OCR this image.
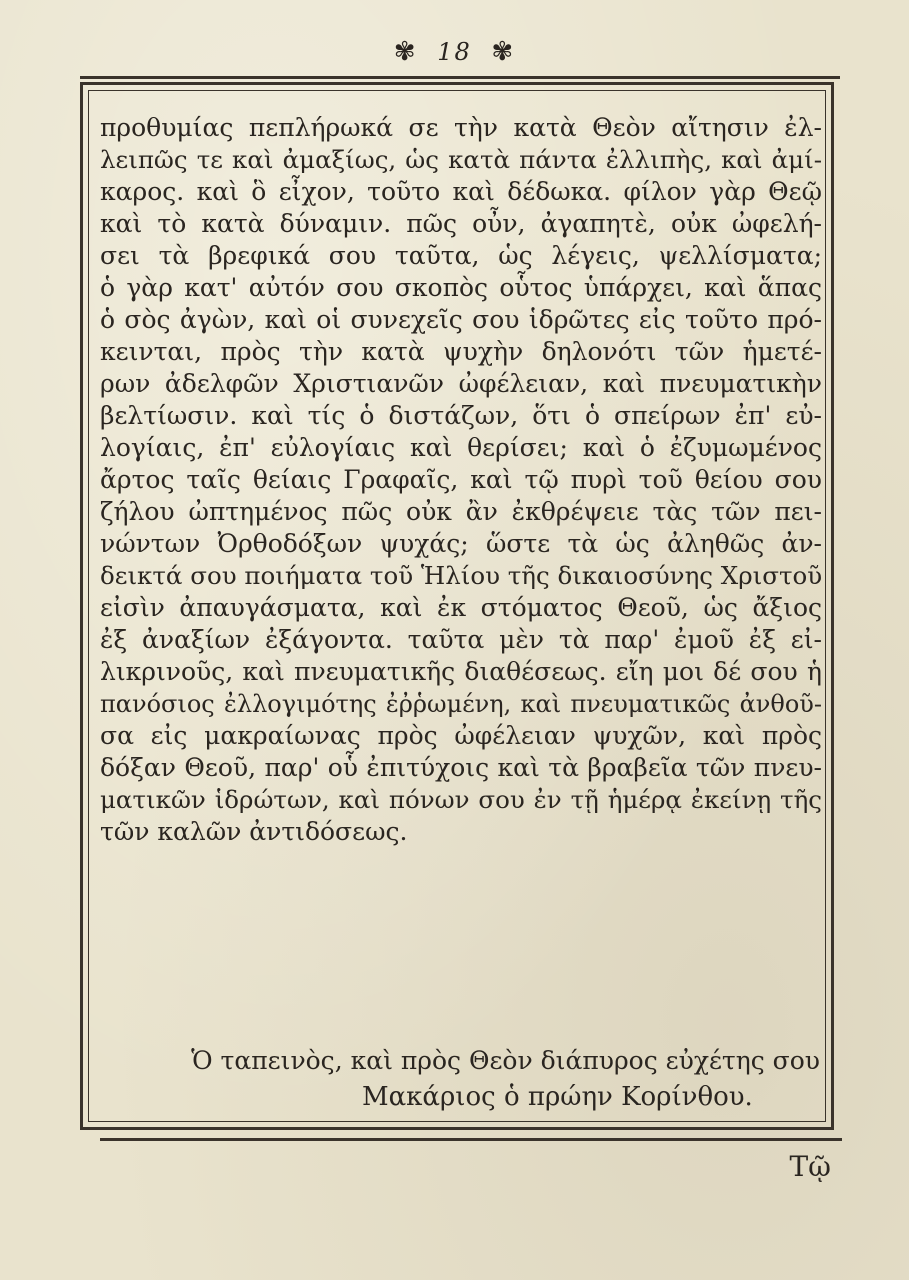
✾ 18 ✾
προθυμίας πεπλήρωκά σε τὴν κατὰ Θεὸν αἴτησιν ἐλ-
λειπῶς τε καὶ ἀμαξίως, ὡς κατὰ πάντα ἐλλιπὴς, καὶ ἀμί-
καρος. καὶ ὃ εἶχον, τοῦτο καὶ δέδωκα. φίλον γὰρ Θεῷ
καὶ τὸ κατὰ δύναμιν. πῶς οὖν, ἀγαπητὲ, οὐκ ὠφελή-
σει τὰ βρεφικά σου ταῦτα, ὡς λέγεις, ψελλίσματα;
ὁ γὰρ κατ' αὐτόν σου σκοπὸς οὗτος ὑπάρχει, καὶ ἅπας
ὁ σὸς ἀγὼν, καὶ οἱ συνεχεῖς σου ἱδρῶτες εἰς τοῦτο πρό-
κεινται, πρὸς τὴν κατὰ ψυχὴν δηλονότι τῶν ἡμετέ-
ρων ἀδελφῶν Χριστιανῶν ὠφέλειαν, καὶ πνευματικὴν
βελτίωσιν. καὶ τίς ὁ διστάζων, ὅτι ὁ σπείρων ἐπ' εὐ-
λογίαις, ἐπ' εὐλογίαις καὶ θερίσει; καὶ ὁ ἐζυμωμένος
ἄρτος ταῖς θείαις Γραφαῖς, καὶ τῷ πυρὶ τοῦ θείου σου
ζήλου ὠπτημένος πῶς οὐκ ἂν ἐκθρέψειε τὰς τῶν πει-
νώντων Ὀρθοδόξων ψυχάς; ὥστε τὰ ὡς ἀληθῶς ἀν-
δεικτά σου ποιήματα τοῦ Ἡλίου τῆς δικαιοσύνης Χριστοῦ
εἰσὶν ἀπαυγάσματα, καὶ ἐκ στόματος Θεοῦ, ὡς ἄξιος
ἐξ ἀναξίων ἐξάγοντα. ταῦτα μὲν τὰ παρ' ἐμοῦ ἐξ εἰ-
λικρινοῦς, καὶ πνευματικῆς διαθέσεως. εἴη μοι δέ σου ἡ
πανόσιος ἐλλογιμότης ἐῤῥωμένη, καὶ πνευματικῶς ἀνθοῦ-
σα εἰς μακραίωνας πρὸς ὠφέλειαν ψυχῶν, καὶ πρὸς
δόξαν Θεοῦ, παρ' οὗ ἐπιτύχοις καὶ τὰ βραβεῖα τῶν πνευ-
ματικῶν ἱδρώτων, καὶ πόνων σου ἐν τῇ ἡμέρᾳ ἐκείνῃ τῆς
τῶν καλῶν ἀντιδόσεως.
Ὁ ταπεινὸς, καὶ πρὸς Θεὸν διάπυρος εὐχέτης σου
Μακάριος ὁ πρώην Κορίνθου.
Τῷ
